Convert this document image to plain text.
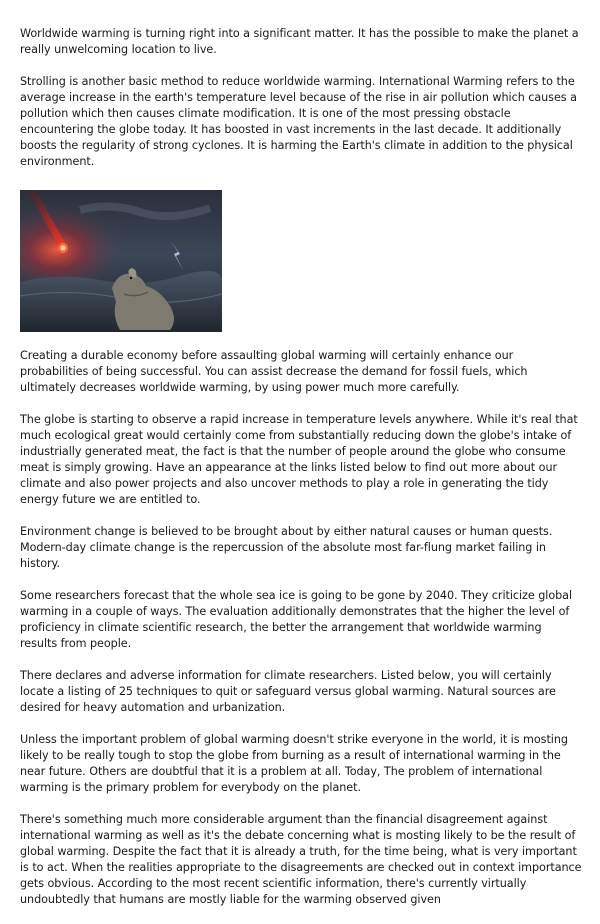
Worldwide warming is turning right into a significant matter. It has the possible to make the planet a really unwelcoming location to live.

Strolling is another basic method to reduce worldwide warming. International Warming refers to the average increase in the earth's temperature level because of the rise in air pollution which causes a pollution which then causes climate modification. It is one of the most pressing obstacle encountering the globe today. It has boosted in vast increments in the last decade. It additionally boosts the regularity of strong cyclones. It is harming the Earth's climate in addition to the physical environment.

Creating a durable economy before assaulting global warming will certainly enhance our probabilities of being successful. You can assist decrease the demand for fossil fuels, which ultimately decreases worldwide warming, by using power much more carefully.

The globe is starting to observe a rapid increase in temperature levels anywhere. While it's real that much ecological great would certainly come from substantially reducing down the globe's intake of industrially generated meat, the fact is that the number of people around the globe who consume meat is simply growing. Have an appearance at the links listed below to find out more about our climate and also power projects and also uncover methods to play a role in generating the tidy energy future we are entitled to.

Environment change is believed to be brought about by either natural causes or human quests. Modern-day climate change is the repercussion of the absolute most far-flung market failing in history.

Some researchers forecast that the whole sea ice is going to be gone by 2040. They criticize global warming in a couple of ways. The evaluation additionally demonstrates that the higher the level of proficiency in climate scientific research, the better the arrangement that worldwide warming results from people.

There declares and adverse information for climate researchers. Listed below, you will certainly locate a listing of 25 techniques to quit or safeguard versus global warming. Natural sources are desired for heavy automation and urbanization.

Unless the important problem of global warming doesn't strike everyone in the world, it is mosting likely to be really tough to stop the globe from burning as a result of international warming in the near future. Others are doubtful that it is a problem at all. Today, The problem of international warming is the primary problem for everybody on the planet.

There's something much more considerable argument than the financial disagreement against international warming as well as it's the debate concerning what is mosting likely to be the result of global warming. Despite the fact that it is already a truth, for the time being, what is very important is to act. When the realities appropriate to the disagreements are checked out in context importance gets obvious. According to the most recent scientific information, there's currently virtually undoubtedly that humans are mostly liable for the warming observed given
